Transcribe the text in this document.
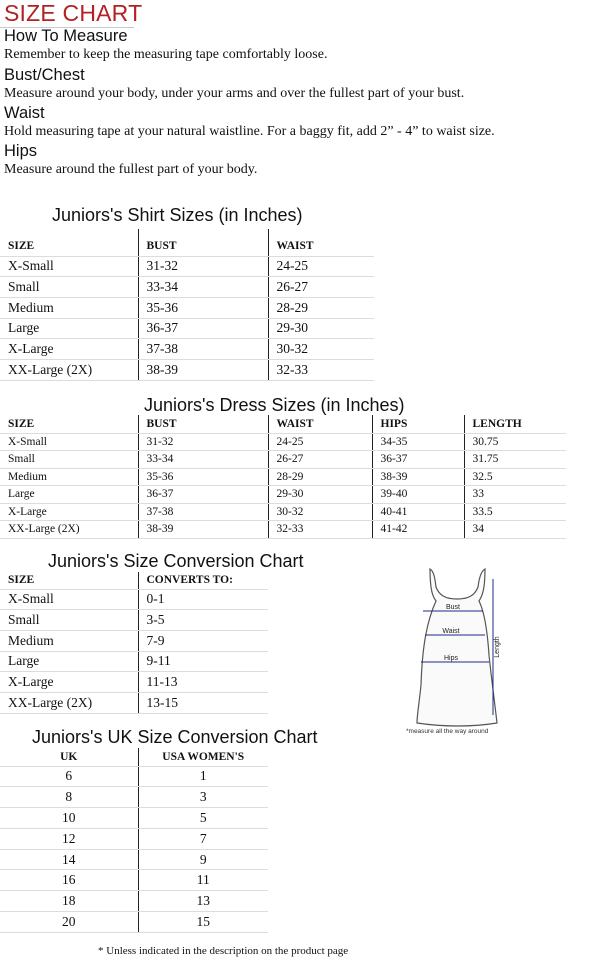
SIZE CHART
How To Measure
Remember to keep the measuring tape comfortably loose.
Bust/Chest
Measure around your body, under your arms and over the fullest part of your bust.
Waist
Hold measuring tape at your natural waistline. For a baggy fit, add 2” - 4” to waist size.
Hips
Measure around the fullest part of your body.
Juniors's Shirt Sizes (in Inches)
SIZE	BUST	WAIST
X-Small	31-32	24-25
Small	33-34	26-27
Medium	35-36	28-29
Large	36-37	29-30
X-Large	37-38	30-32
XX-Large (2X)	38-39	32-33
Juniors's Dress Sizes (in Inches)
SIZE	BUST	WAIST	HIPS	LENGTH
X-Small	31-32	24-25	34-35	30.75
Small	33-34	26-27	36-37	31.75
Medium	35-36	28-29	38-39	32.5
Large	36-37	29-30	39-40	33
X-Large	37-38	30-32	40-41	33.5
XX-Large (2X)	38-39	32-33	41-42	34
Juniors's Size Conversion Chart
SIZE	CONVERTS TO:
X-Small	0-1
Small	3-5
Medium	7-9
Large	9-11
X-Large	11-13
XX-Large (2X)	13-15
Bust
Waist
Hips
Length
*measure all the way around
Juniors's UK Size Conversion Chart
UK	USA WOMEN'S
6	1
8	3
10	5
12	7
14	9
16	11
18	13
20	15
* Unless indicated in the description on the product page
